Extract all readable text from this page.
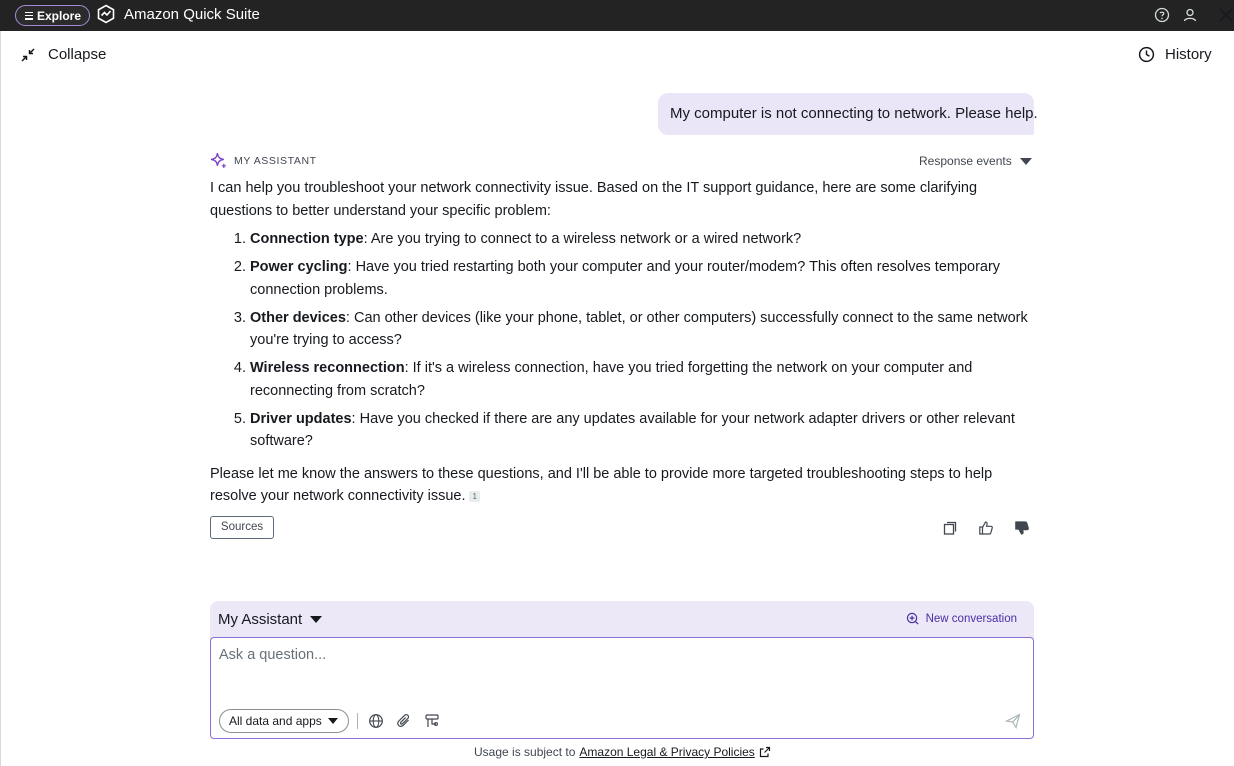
Explore	Amazon Quick Suite
Collapse	History
My computer is not connecting to network. Please help.
MY ASSISTANT	Response events

I can help you troubleshoot your network connectivity issue. Based on the IT support guidance, here are some clarifying questions to better understand your specific problem:

1. Connection type: Are you trying to connect to a wireless network or a wired network?
2. Power cycling: Have you tried restarting both your computer and your router/modem? This often resolves temporary connection problems.
3. Other devices: Can other devices (like your phone, tablet, or other computers) successfully connect to the same network you're trying to access?
4. Wireless reconnection: If it's a wireless connection, have you tried forgetting the network on your computer and reconnecting from scratch?
5. Driver updates: Have you checked if there are any updates available for your network adapter drivers or other relevant software?

Please let me know the answers to these questions, and I'll be able to provide more targeted troubleshooting steps to help resolve your network connectivity issue. 1

Sources
My Assistant	New conversation
Ask a question...
All data and apps
Usage is subject to Amazon Legal & Privacy Policies
